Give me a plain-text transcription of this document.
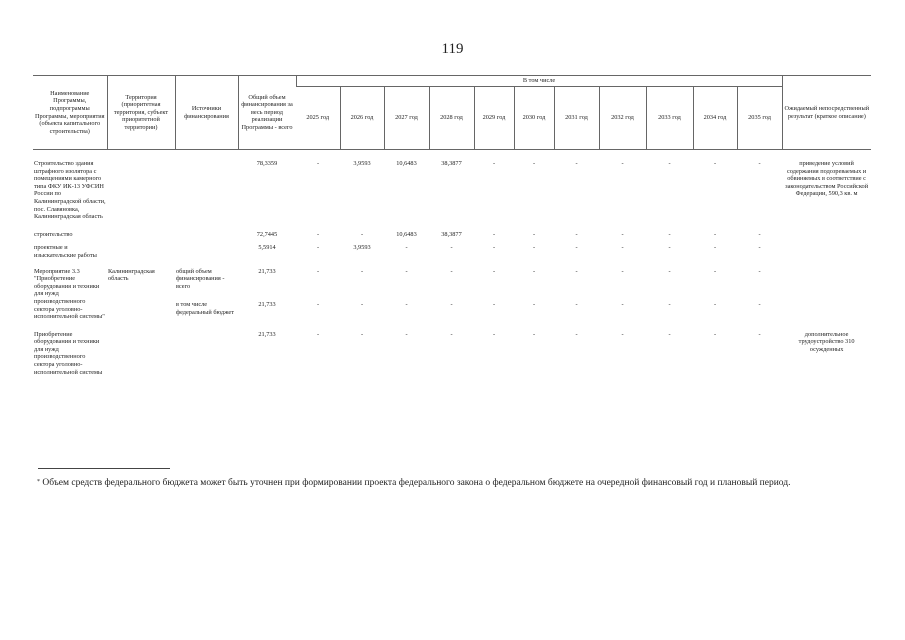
119
Наименование Программы, подпрограммы Программы, мероприятия (объекта капитального строительства)	Территория (приоритетная территория, субъект приоритетной территории)	Источники финансирования	Общий объем финансирования за весь период реализации Программы - всего	В том числе											Ожидаемый непосредственный результат (краткое описание)
				2025 год	2026 год	2027 год	2028 год	2029 год	2030 год	2031 год	2032 год	2033 год	2034 год	2035 год	

Строительство здания штрафного изолятора с помещениями камерного типа ФКУ ИК-13 УФСИН России по Калининградской области, пос. Славяновка, Калининградская область			78,3359	-	3,9593	10,6483	38,3877	-	-	-	-	-	-	-	приведение условий содержания подозреваемых и обвиняемых в соответствие с законодательством Российской Федерации, 590,3 кв. м

строительство			72,7445	-	-	10,6483	38,3877	-	-	-	-	-	-	-	

проектные и изыскательские работы			5,5914	-	3,9593	-	-	-	-	-	-	-	-	-	

Мероприятие 3.3 "Приобретение оборудования и техники для нужд производственного сектора уголовно-исполнительной системы"	Калининградская область	общий объем финансирования - всего	21,733	-	-	-	-	-	-	-	-	-	-	-	

		в том числе федеральный бюджет	21,733	-	-	-	-	-	-	-	-	-	-	-	

Приобретение оборудования и техники для нужд производственного сектора уголовно-исполнительной системы			21,733	-	-	-	-	-	-	-	-	-	-	-	дополнительное трудоустройство 310 осужденных
* Объем средств федерального бюджета может быть уточнен при формировании проекта федерального закона о федеральном бюджете на очередной финансовый год и плановый период.
